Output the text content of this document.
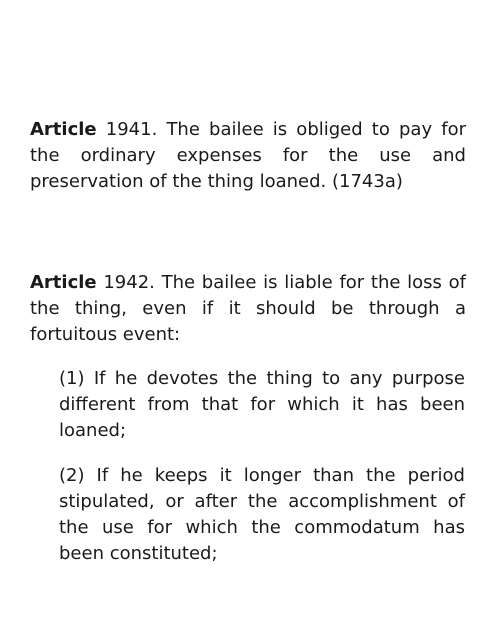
Article 1941. The bailee is obliged to pay for the ordinary expenses for the use and preservation of the thing loaned. (1743a)

Article 1942. The bailee is liable for the loss of the thing, even if it should be through a fortuitous event:

(1) If he devotes the thing to any purpose different from that for which it has been loaned;
(2) If he keeps it longer than the period stipulated, or after the accomplishment of the use for which the commodatum has been constituted;
